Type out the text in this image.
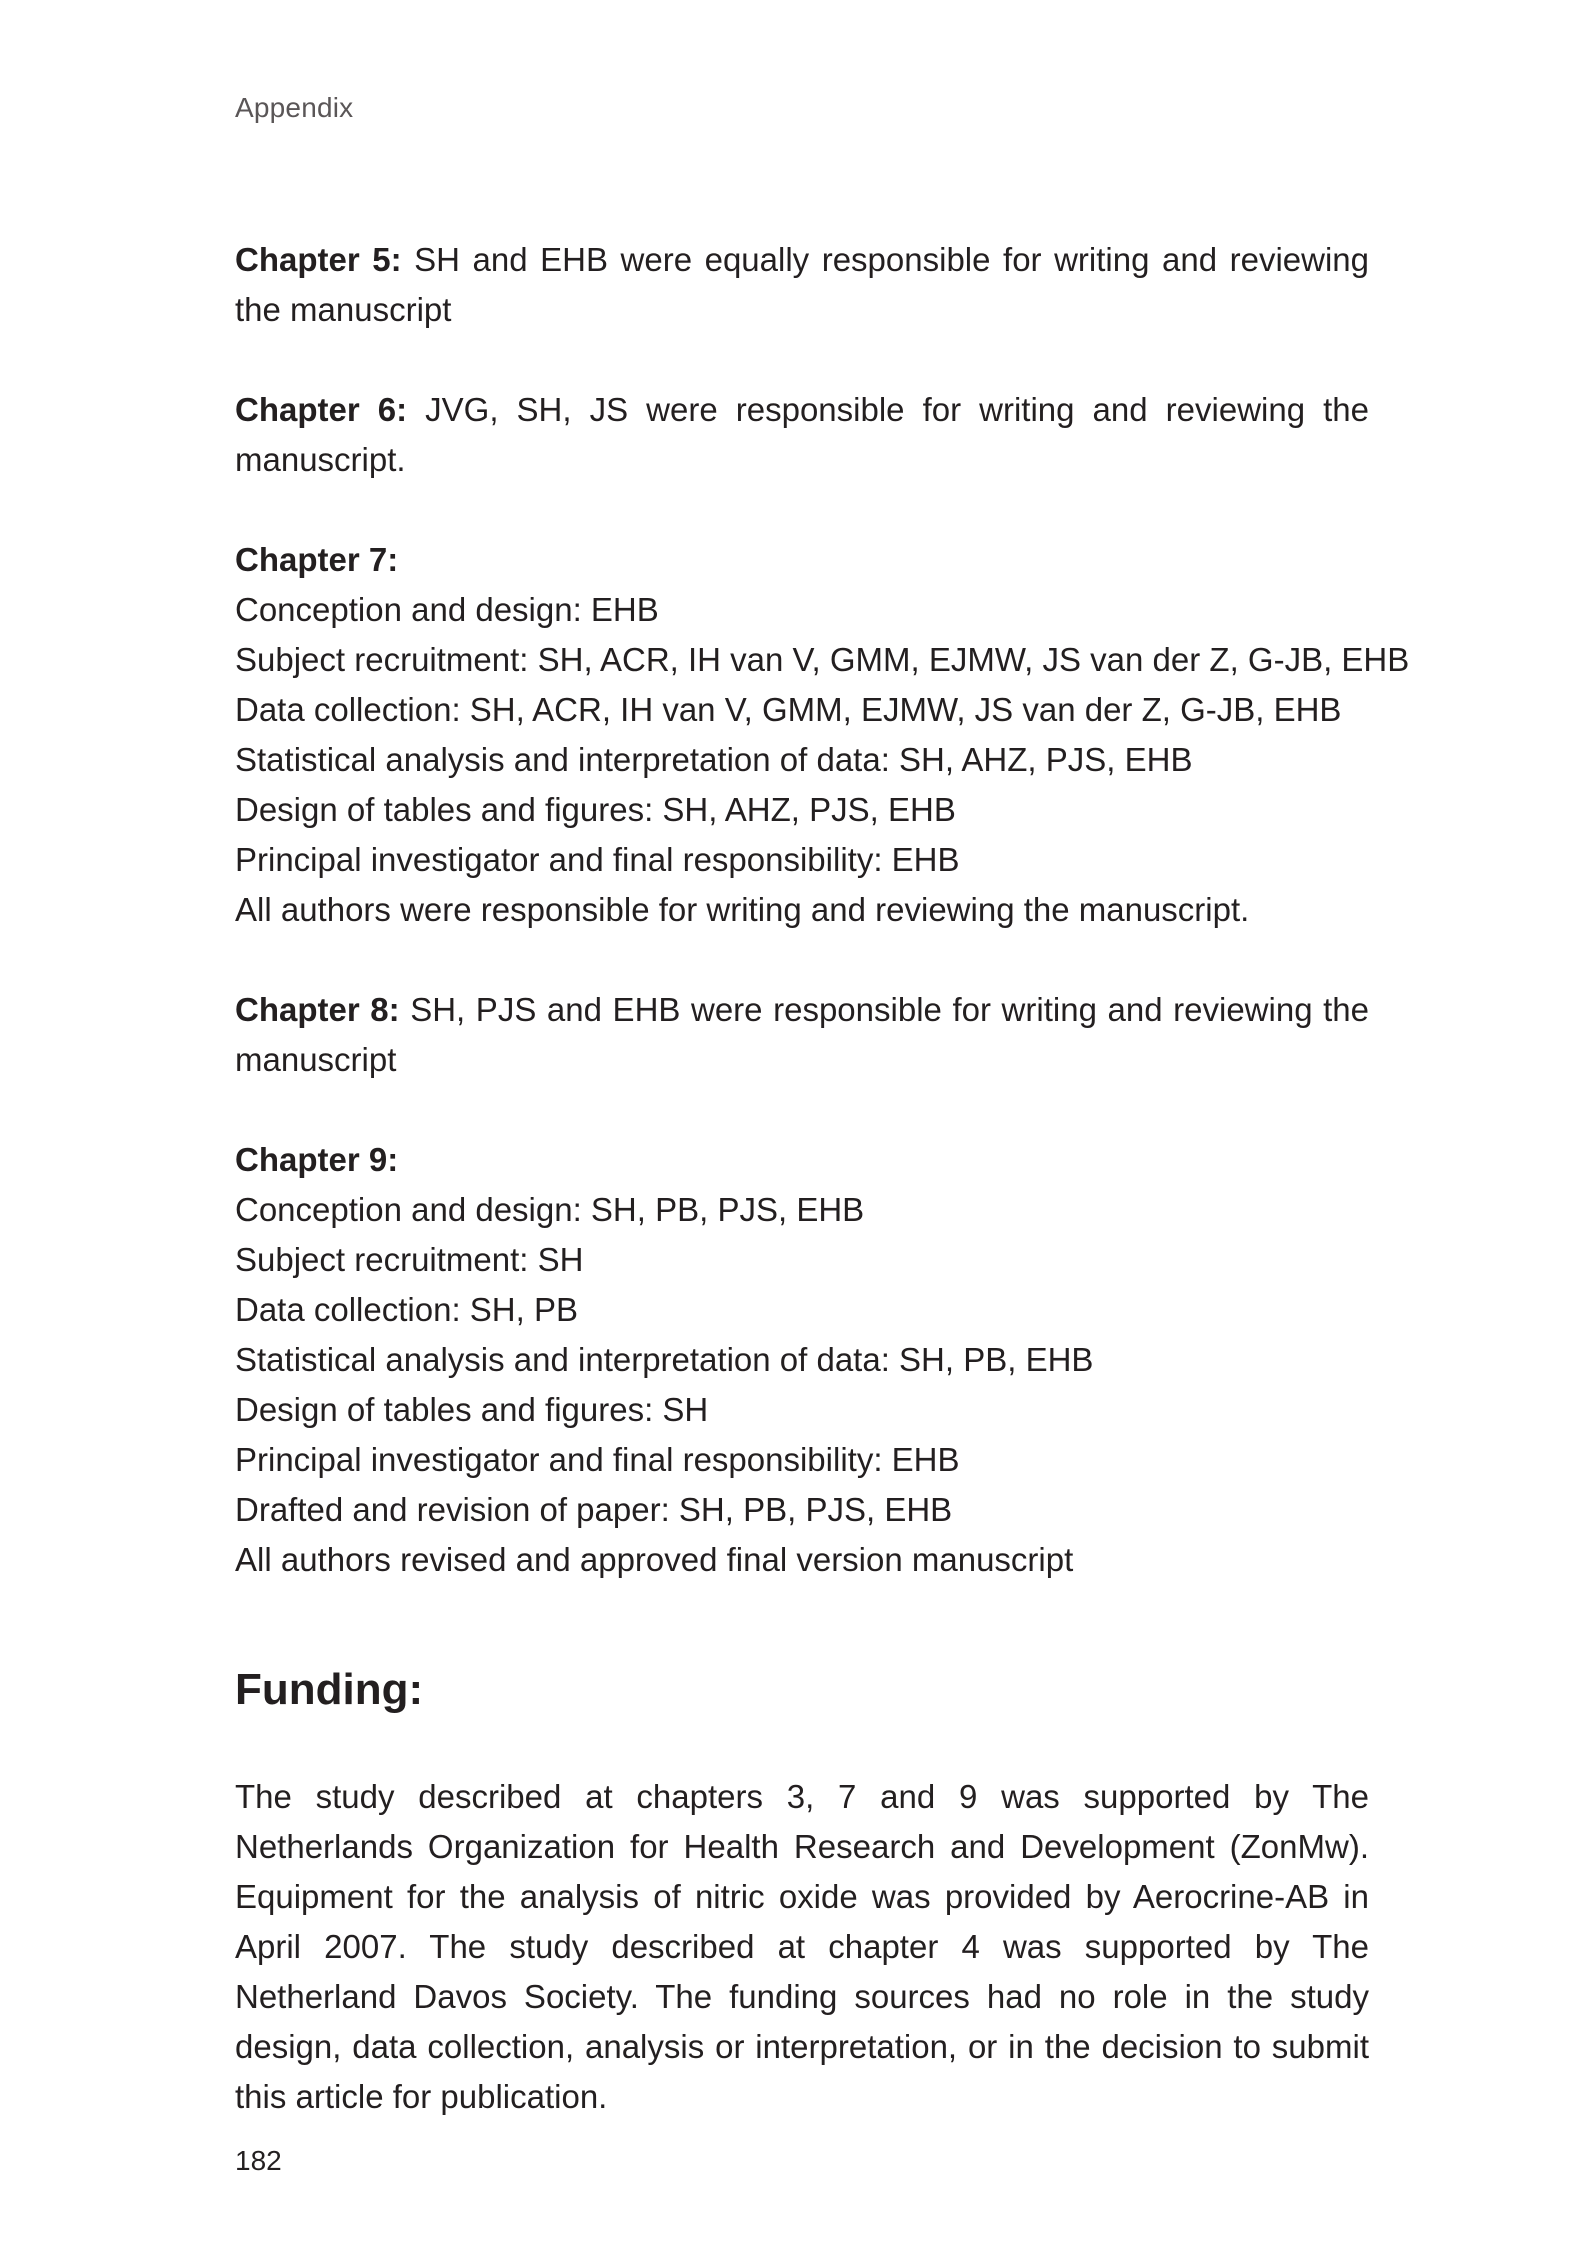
Appendix

Chapter 5: SH and EHB were equally responsible for writing and reviewing the manuscript

Chapter 6: JVG, SH, JS were responsible for writing and reviewing the manuscript.

Chapter 7:
Conception and design: EHB
Subject recruitment: SH, ACR, IH van V, GMM, EJMW, JS van der Z, G-JB, EHB
Data collection: SH, ACR, IH van V, GMM, EJMW, JS van der Z, G-JB, EHB
Statistical analysis and interpretation of data: SH, AHZ, PJS, EHB
Design of tables and figures: SH, AHZ, PJS, EHB
Principal investigator and final responsibility: EHB
All authors were responsible for writing and reviewing the manuscript.

Chapter 8: SH, PJS and EHB were responsible for writing and reviewing the manuscript

Chapter 9:
Conception and design: SH, PB, PJS, EHB
Subject recruitment: SH
Data collection: SH, PB
Statistical analysis and interpretation of data: SH, PB, EHB
Design of tables and figures: SH
Principal investigator and final responsibility: EHB
Drafted and revision of paper: SH, PB, PJS, EHB
All authors revised and approved final version manuscript
Funding:

The study described at chapters 3, 7 and 9 was supported by The Netherlands Organization for Health Research and Development (ZonMw). Equipment for the analysis of nitric oxide was provided by Aerocrine-AB in April 2007. The study described at chapter 4 was supported by The Netherland Davos Society. The funding sources had no role in the study design, data collection, analysis or interpretation, or in the decision to submit this article for publication.

182
